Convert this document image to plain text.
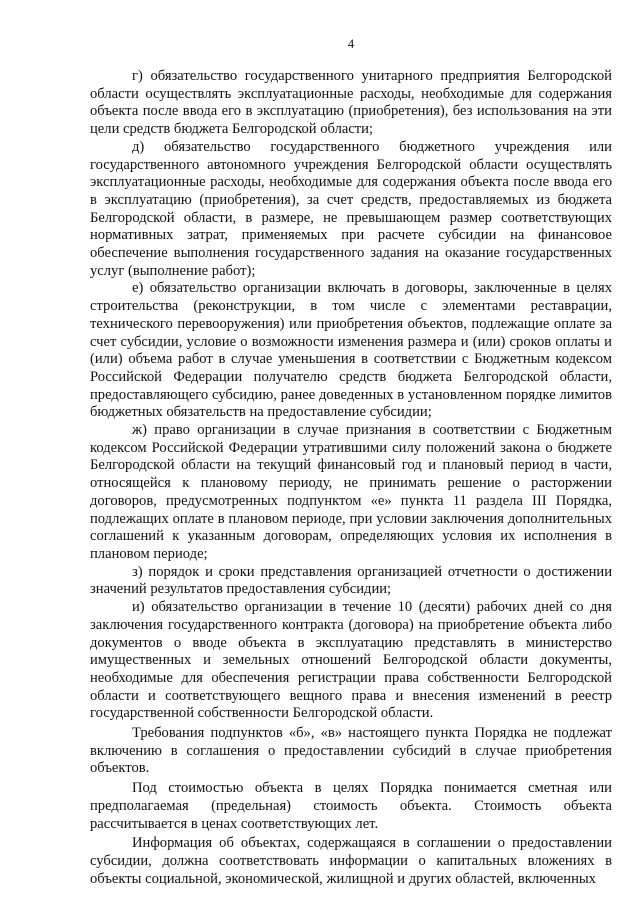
4

г) обязательство государственного унитарного предприятия Белгородской области осуществлять эксплуатационные расходы, необходимые для содержания объекта после ввода его в эксплуатацию (приобретения), без использования на эти цели средств бюджета Белгородской области;

д) обязательство государственного бюджетного учреждения или государственного автономного учреждения Белгородской области осуществлять эксплуатационные расходы, необходимые для содержания объекта после ввода его в эксплуатацию (приобретения), за счет средств, предоставляемых из бюджета Белгородской области, в размере, не превышающем размер соответствующих нормативных затрат, применяемых при расчете субсидии на финансовое обеспечение выполнения государственного задания на оказание государственных услуг (выполнение работ);

е) обязательство организации включать в договоры, заключенные в целях строительства (реконструкции, в том числе с элементами реставрации, технического перевооружения) или приобретения объектов, подлежащие оплате за счет субсидии, условие о возможности изменения размера и (или) сроков оплаты и (или) объема работ в случае уменьшения в соответствии с Бюджетным кодексом Российской Федерации получателю средств бюджета Белгородской области, предоставляющего субсидию, ранее доведенных в установленном порядке лимитов бюджетных обязательств на предоставление субсидии;

ж) право организации в случае признания в соответствии с Бюджетным кодексом Российской Федерации утратившими силу положений закона о бюджете Белгородской области на текущий финансовый год и плановый период в части, относящейся к плановому периоду, не принимать решение о расторжении договоров, предусмотренных подпунктом «е» пункта 11 раздела III Порядка, подлежащих оплате в плановом периоде, при условии заключения дополнительных соглашений к указанным договорам, определяющих условия их исполнения в плановом периоде;

з) порядок и сроки представления организацией отчетности о достижении значений результатов предоставления субсидии;

и) обязательство организации в течение 10 (десяти) рабочих дней со дня заключения государственного контракта (договора) на приобретение объекта либо документов о вводе объекта в эксплуатацию представлять в министерство имущественных и земельных отношений Белгородской области документы, необходимые для обеспечения регистрации права собственности Белгородской области и соответствующего вещного права и внесения изменений в реестр государственной собственности Белгородской области.

Требования подпунктов «б», «в» настоящего пункта Порядка не подлежат включению в соглашения о предоставлении субсидий в случае приобретения объектов.

Под стоимостью объекта в целях Порядка понимается сметная или предполагаемая (предельная) стоимость объекта. Стоимость объекта рассчитывается в ценах соответствующих лет.

Информация об объектах, содержащаяся в соглашении о предоставлении субсидии, должна соответствовать информации о капитальных вложениях в объекты социальной, экономической, жилищной и других областей, включенных
